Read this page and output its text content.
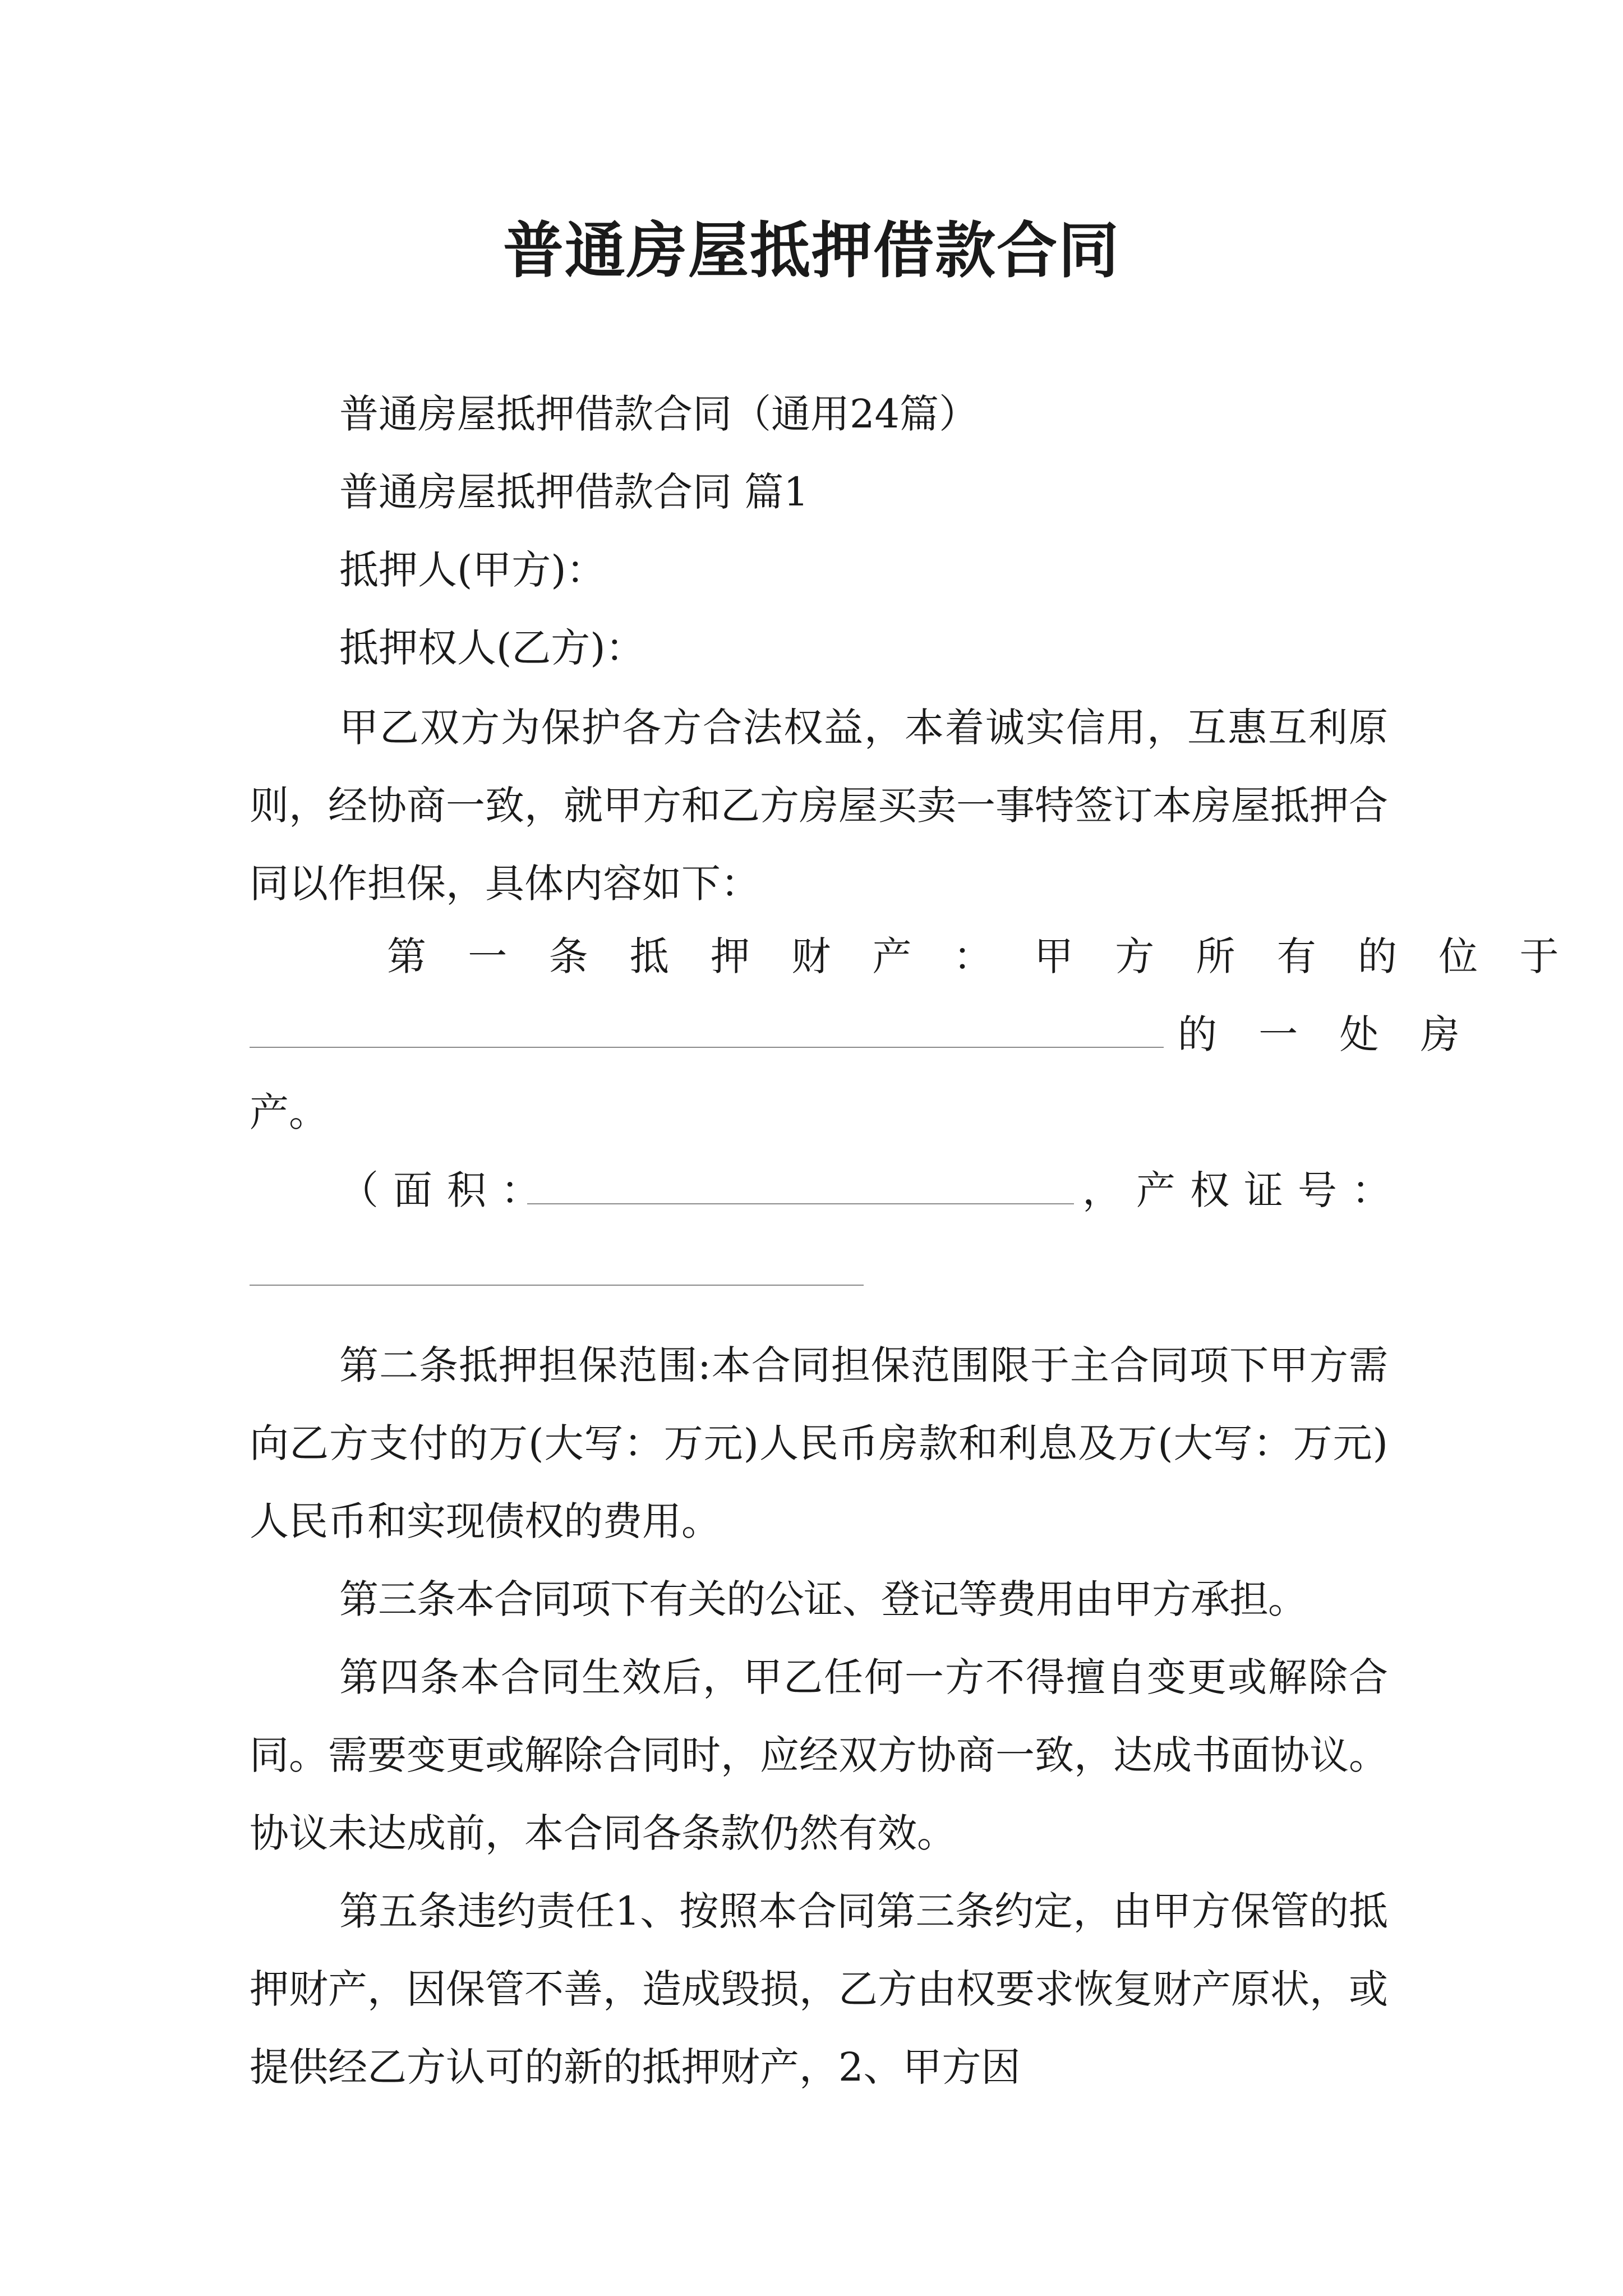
普通房屋抵押借款合同

普通房屋抵押借款合同（通用24篇）

普通房屋抵押借款合同 篇1

抵押人(甲方)：

抵押权人(乙方)：

甲乙双方为保护各方合法权益，本着诚实信用，互惠互利原则，经协商一致，就甲方和乙方房屋买卖一事特签订本房屋抵押合同以作担保，具体内容如下：

第 一 条 抵 押 财 产 ： 甲 方 所 有 的 位 于
的 一 处 房

产。

（面积：	，产权证号：

第二条抵押担保范围:本合同担保范围限于主合同项下甲方需向乙方支付的万(大写：万元)人民币房款和利息及万(大写：万元)人民币和实现债权的费用。

第三条本合同项下有关的公证、登记等费用由甲方承担。

第四条本合同生效后，甲乙任何一方不得擅自变更或解除合同。需要变更或解除合同时，应经双方协商一致，达成书面协议。协议未达成前，本合同各条款仍然有效。

第五条违约责任1、按照本合同第三条约定，由甲方保管的抵押财产，因保管不善，造成毁损，乙方由权要求恢复财产原状，或提供经乙方认可的新的抵押财产，2、甲方因
